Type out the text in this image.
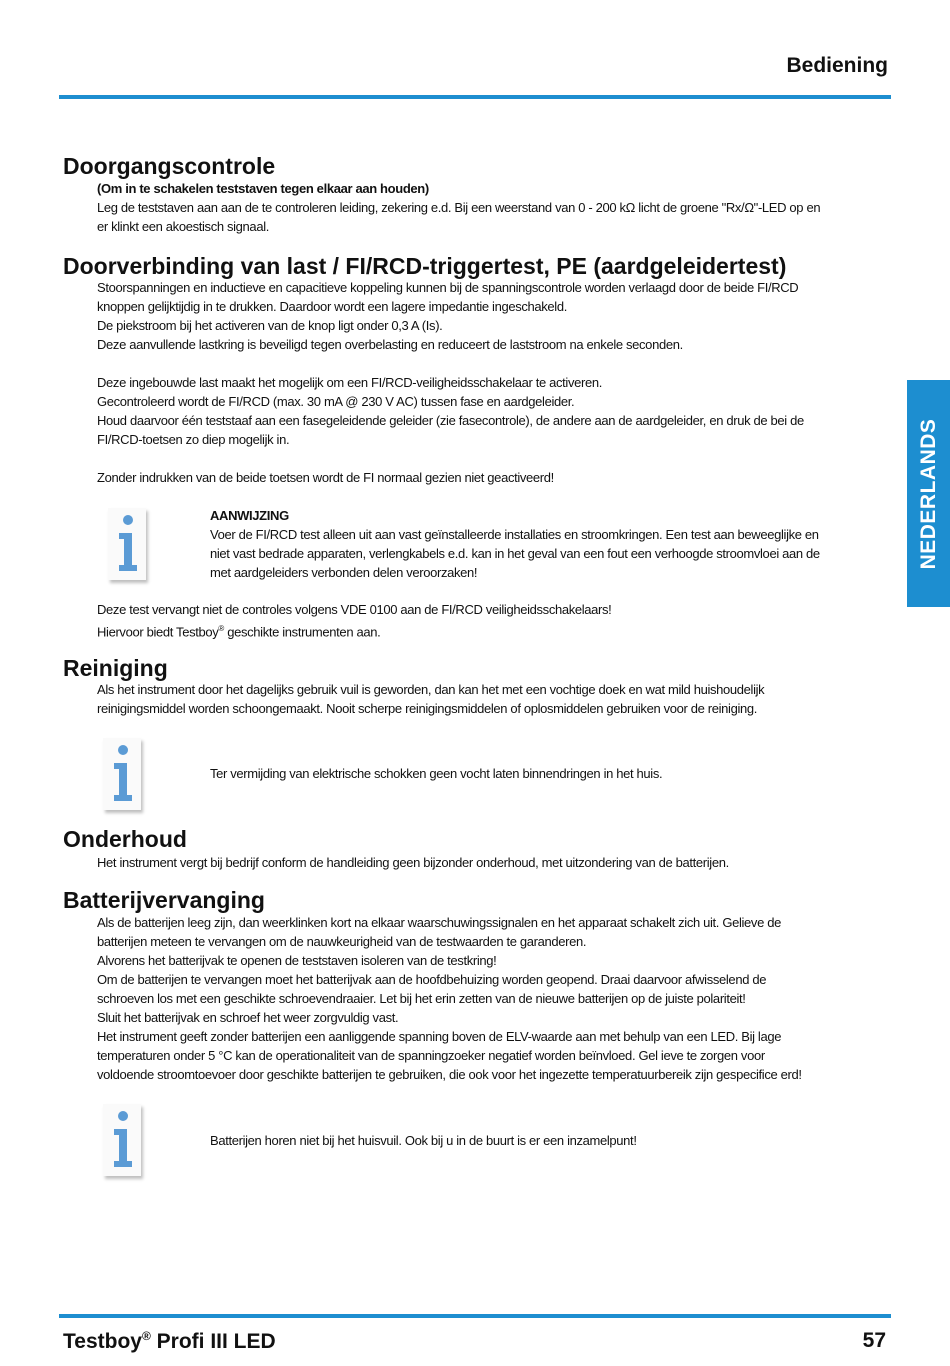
Bediening
NEDERLANDS
Doorgangscontrole
(Om in te schakelen teststaven tegen elkaar aan houden)
Leg de teststaven aan aan de te controleren leiding, zekering e.d. Bij een weerstand van 0 - 200 kΩ licht de groene "Rx/Ω"-LED op en
er klinkt een akoestisch signaal.
Doorverbinding van last / FI/RCD-triggertest, PE (aardgeleidertest)
Stoorspanningen en inductieve en capacitieve koppeling kunnen bij de spanningscontrole worden verlaagd door de beide FI/RCD
knoppen gelijktijdig in te drukken. Daardoor wordt een lagere impedantie ingeschakeld.
De piekstroom bij het activeren van de knop ligt onder 0,3 A (Is).
Deze aanvullende lastkring is beveiligd tegen overbelasting en reduceert de laststroom na enkele seconden.

Deze ingebouwde last maakt het mogelijk om een FI/RCD-veiligheidsschakelaar te activeren.
Gecontroleerd wordt de FI/RCD (max. 30 mA @ 230 V AC) tussen fase en aardgeleider.
Houd daarvoor één teststaaf aan een fasegeleidende geleider (zie fasecontrole), de andere aan de aardgeleider, en druk de bei de
FI/RCD-toetsen zo diep mogelijk in.

Zonder indrukken van de beide toetsen wordt de FI normaal gezien niet geactiveerd!
AANWIJZING
Voer de FI/RCD test alleen uit aan vast geïnstalleerde installaties en stroomkringen. Een test aan beweeglijke en
niet vast bedrade apparaten, verlengkabels e.d. kan in het geval van een fout een verhoogde stroomvloei aan de
met aardgeleiders verbonden delen veroorzaken!
Deze test vervangt niet de controles volgens VDE 0100 aan de FI/RCD veiligheidsschakelaars!
Hiervoor biedt Testboy® geschikte instrumenten aan.
Reiniging
Als het instrument door het dagelijks gebruik vuil is geworden, dan kan het met een vochtige doek en wat mild huishoudelijk
reinigingsmiddel worden schoongemaakt. Nooit scherpe reinigingsmiddelen of oplosmiddelen gebruiken voor de reiniging.
Ter vermijding van elektrische schokken geen vocht laten binnendringen in het huis.
Onderhoud
Het instrument vergt bij bedrijf conform de handleiding geen bijzonder onderhoud, met uitzondering van de batterijen.
Batterijvervanging
Als de batterijen leeg zijn, dan weerklinken kort na elkaar waarschuwingssignalen en het apparaat schakelt zich uit. Gelieve de
batterijen meteen te vervangen om de nauwkeurigheid van de testwaarden te garanderen.
Alvorens het batterijvak te openen de teststaven isoleren van de testkring!
Om de batterijen te vervangen moet het batterijvak aan de hoofdbehuizing worden geopend. Draai daarvoor afwisselend de
schroeven los met een geschikte schroevendraaier. Let bij het erin zetten van de nieuwe batterijen op de juiste polariteit!
Sluit het batterijvak en schroef het weer zorgvuldig vast.
Het instrument geeft zonder batterijen een aanliggende spanning boven de ELV-waarde aan met behulp van een LED. Bij lage
temperaturen onder 5 °C kan de operationaliteit van de spanningzoeker negatief worden beïnvloed. Gel ieve te zorgen voor
voldoende stroomtoevoer door geschikte batterijen te gebruiken, die ook voor het ingezette temperatuurbereik zijn gespecifice erd!
Batterijen horen niet bij het huisvuil. Ook bij u in de buurt is er een inzamelpunt!
Testboy® Profi III LED	57
